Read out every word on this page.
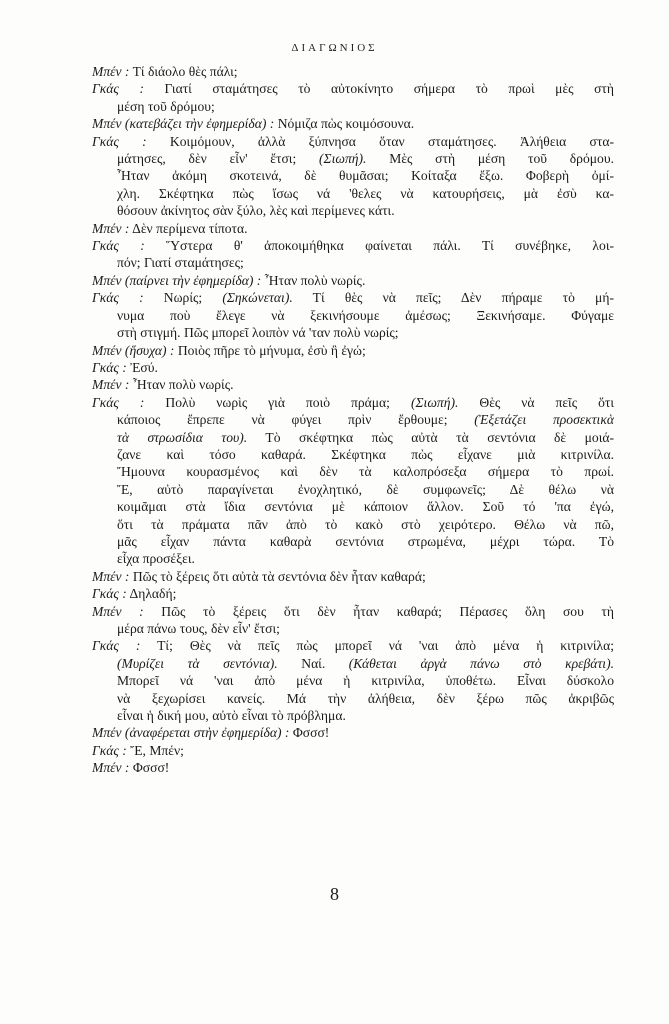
ΔΙΑΓΩΝΙΟΣ
Μπέν : Τί διάολο θὲς πάλι;
Γκάς : Γιατί σταμάτησες τὸ αὐτοκίνητο σήμερα τὸ πρωὶ μὲς στὴ
μέση τοῦ δρόμου;
Μπέν (κατεβάζει τὴν ἐφημερίδα) : Νόμιζα πὼς κοιμόσουνα.
Γκάς : Κοιμόμουν, ἀλλὰ ξύπνησα ὅταν σταμάτησες. Ἀλήθεια στα-
μάτησες, δὲν εἶν' ἔτσι; (Σιωπή). Μὲς στὴ μέση τοῦ δρόμου.
Ἦταν ἀκόμη σκοτεινά, δὲ θυμᾶσαι; Κοίταξα ἔξω. Φοβερὴ ὀμί-
χλη. Σκέφτηκα πὼς ἴσως νά 'θελες νὰ κατουρήσεις, μὰ ἐσὺ κα-
θόσουν ἀκίνητος σὰν ξύλο, λὲς καὶ περίμενες κάτι.
Μπέν : Δὲν περίμενα τίποτα.
Γκάς : Ὕστερα θ' ἀποκοιμήθηκα φαίνεται πάλι. Τί συνέβηκε, λοι-
πόν; Γιατί σταμάτησες;
Μπέν (παίρνει τὴν ἐφημερίδα) : Ἦταν πολὺ νωρίς.
Γκάς : Νωρίς; (Σηκώνεται). Τί θὲς νὰ πεῖς; Δὲν πήραμε τὸ μή-
νυμα ποὺ ἔλεγε νὰ ξεκινήσουμε ἀμέσως; Ξεκινήσαμε. Φύγαμε
στὴ στιγμή. Πῶς μπορεῖ λοιπὸν νά 'ταν πολὺ νωρίς;
Μπέν (ἥσυχα) : Ποιὸς πῆρε τὸ μήνυμα, ἐσὺ ἢ ἐγώ;
Γκάς : Ἐσύ.
Μπέν : Ἦταν πολὺ νωρίς.
Γκάς : Πολὺ νωρὶς γιὰ ποιὸ πράμα; (Σιωπή). Θὲς νὰ πεῖς ὅτι
κάποιος ἔπρεπε νὰ φύγει πρὶν ἔρθουμε; (Ἐξετάζει προσεκτικὰ
τὰ στρωσίδια του). Τὸ σκέφτηκα πὼς αὐτὰ τὰ σεντόνια δὲ μοιά-
ζανε καὶ τόσο καθαρά. Σκέφτηκα πὼς εἶχανε μιὰ κιτρινίλα.
Ἤμουνα κουρασμένος καὶ δὲν τὰ καλοπρόσεξα σήμερα τὸ πρωί.
Ἔ, αὐτὸ παραγίνεται ἐνοχλητικό, δὲ συμφωνεῖς; Δὲ θέλω νὰ
κοιμᾶμαι στὰ ἴδια σεντόνια μὲ κάποιον ἄλλον. Σοῦ τό 'πα ἐγώ,
ὅτι τὰ πράματα πᾶν ἀπὸ τὸ κακὸ στὸ χειρότερο. Θέλω νὰ πῶ,
μᾶς εἶχαν πάντα καθαρὰ σεντόνια στρωμένα, μέχρι τώρα. Τὸ
εἶχα προσέξει.
Μπέν : Πῶς τὸ ξέρεις ὅτι αὐτὰ τὰ σεντόνια δὲν ἦταν καθαρά;
Γκάς : Δηλαδή;
Μπέν : Πῶς τὸ ξέρεις ὅτι δὲν ἦταν καθαρά; Πέρασες ὅλη σου τὴ
μέρα πάνω τους, δὲν εἶν' ἔτσι;
Γκάς : Τί; Θὲς νὰ πεῖς πὼς μπορεῖ νά 'ναι ἀπὸ μένα ἡ κιτρινίλα;
(Μυρίζει τὰ σεντόνια). Ναί. (Κάθεται ἀργὰ πάνω στὸ κρεβάτι).
Μπορεῖ νά 'ναι ἀπὸ μένα ἡ κιτρινίλα, ὑποθέτω. Εἶναι δύσκολο
νὰ ξεχωρίσει κανείς. Μά τὴν ἀλήθεια, δὲν ξέρω πῶς ἀκριβῶς
εἶναι ἡ δική μου, αὐτὸ εἶναι τὸ πρόβλημα.
Μπέν (ἀναφέρεται στὴν ἐφημερίδα) : Φσσσ!
Γκάς : Ἔ, Μπέν;
Μπέν : Φσσσ!
8
